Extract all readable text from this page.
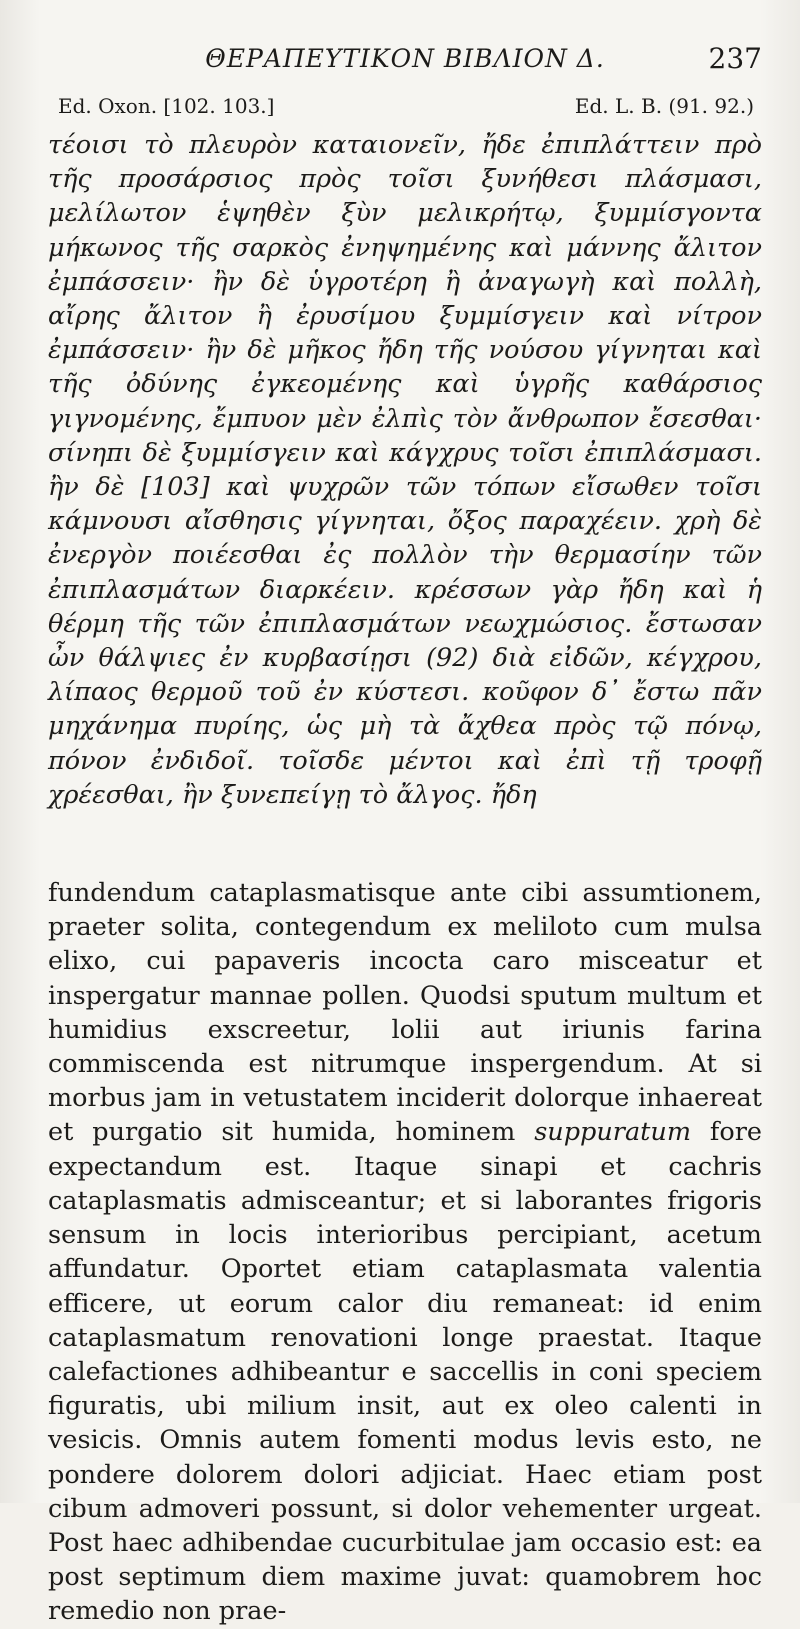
ΘΕΡΑΠΕΥΤΙΚΟΝ ΒΙΒΛΙΟΝ Δ.	237
Ed. Oxon. [102. 103.]	Ed. L. B. (91. 92.)

τέοισι τὸ πλευρὸν καταιονεῖν, ἤδε ἐπιπλάττειν πρὸ τῆς προσάρσιος πρὸς τοῖσι ξυνήθεσι πλάσμασι, μελίλωτον ἑψηθὲν ξὺν μελικρήτῳ, ξυμμίσγοντα μήκωνος τῆς σαρκὸς ἐνηψημένης καὶ μάννης ἄλιτον ἐμπάσσειν· ἢν δὲ ὑγροτέρη ἢ ἀναγωγὴ καὶ πολλὴ, αἴρης ἄλιτον ἢ ἐρυσίμου ξυμμίσγειν καὶ νίτρον ἐμπάσσειν· ἢν δὲ μῆκος ἤδη τῆς νούσου γίγνηται καὶ τῆς ὀδύνης ἐγκεομένης καὶ ὑγρῆς καθάρσιος γιγνομένης, ἔμπυον μὲν ἐλπὶς τὸν ἄνθρωπον ἔσεσθαι· σίνηπι δὲ ξυμμίσγειν καὶ κάγχρυς τοῖσι ἐπιπλάσμασι. ἢν δὲ [103] καὶ ψυχρῶν τῶν τόπων εἴσωθεν τοῖσι κάμνουσι αἴσθησις γίγνηται, ὄξος παραχέειν. χρὴ δὲ ἐνεργὸν ποιέεσθαι ἐς πολλὸν τὴν θερμασίην τῶν ἐπιπλασμάτων διαρκέειν. κρέσσων γὰρ ἤδη καὶ ἡ θέρμη τῆς τῶν ἐπιπλασμάτων νεωχμώσιος. ἔστωσαν ὦν θάλψιες ἐν κυρβασίῃσι (92) διὰ εἰδῶν, κέγχρου, λίπαος θερμοῦ τοῦ ἐν κύστεσι. κοῦφον δ᾽ ἔστω πᾶν μηχάνημα πυρίης, ὡς μὴ τὰ ἄχθεα πρὸς τῷ πόνῳ, πόνον ἐνδιδοῖ. τοῖσδε μέντοι καὶ ἐπὶ τῇ τροφῇ χρέεσθαι, ἢν ξυνεπείγῃ τὸ ἄλγος. ἤδη

fundendum cataplasmatisque ante cibi assumtionem, praeter solita, contegendum ex meliloto cum mulsa elixo, cui papaveris incocta caro misceatur et inspergatur mannae pollen. Quodsi sputum multum et humidius exscreetur, lolii aut iriunis farina commiscenda est nitrumque inspergendum. At si morbus jam in vetustatem inciderit dolorque inhaereat et purgatio sit humida, hominem suppuratum fore expectandum est. Itaque sinapi et cachris cataplasmatis admisceantur; et si laborantes frigoris sensum in locis interioribus percipiant, acetum affundatur. Oportet etiam cataplasmata valentia efficere, ut eorum calor diu remaneat: id enim cataplasmatum renovationi longe praestat. Itaque calefactiones adhibeantur e saccellis in coni speciem figuratis, ubi milium insit, aut ex oleo calenti in vesicis. Omnis autem fomenti modus levis esto, ne pondere dolorem dolori adjiciat. Haec etiam post cibum admoveri possunt, si dolor vehementer urgeat. Post haec adhibendae cucurbitulae jam occasio est: ea post septimum diem maxime juvat: quamobrem hoc remedio non prae-
